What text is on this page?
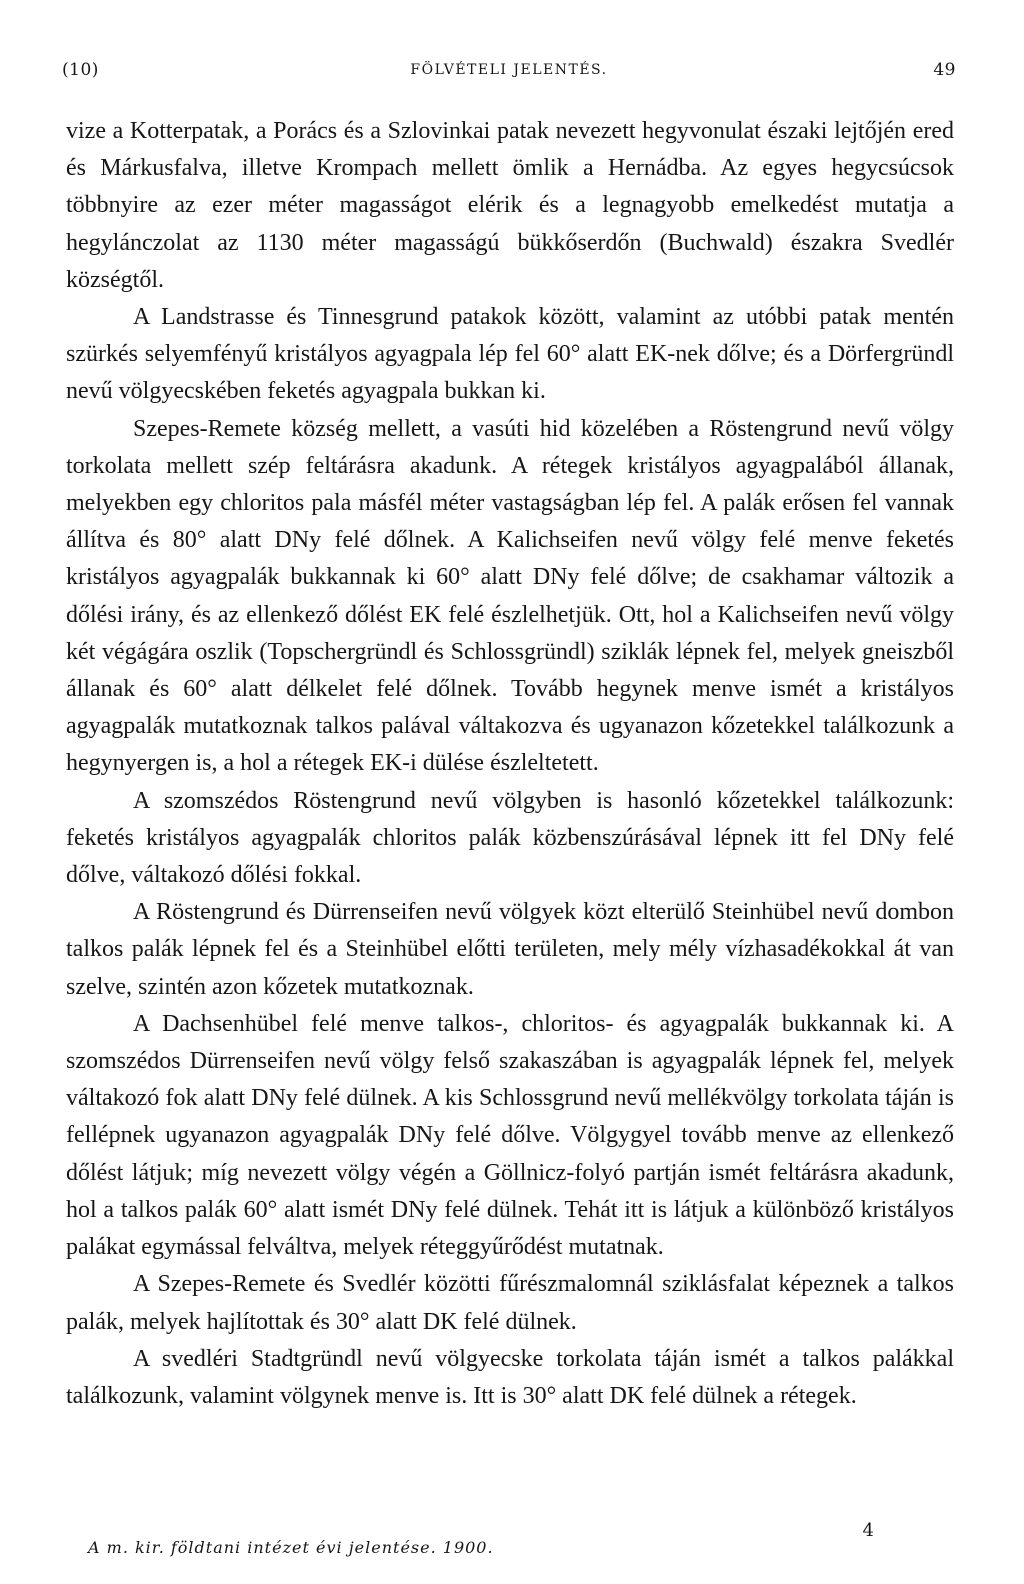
(10)	FÖLVÉTELI JELENTÉS.	49

vize a Kotterpatak, a Porács és a Szlovinkai patak nevezett hegyvonulat északi lejtőjén ered és Márkusfalva, illetve Krompach mellett ömlik a Hernádba. Az egyes hegycsúcsok többnyire az ezer méter magasságot elérik és a legnagyobb emelkedést mutatja a hegylánczolat az 1130 méter magasságú bükkőserdőn (Buchwald) északra Svedlér községtől.

A Landstrasse és Tinnesgrund patakok között, valamint az utóbbi patak mentén szürkés selyemfényű kristályos agyagpala lép fel 60° alatt EK-nek dőlve; és a Dörfergründl nevű völgyecskében feketés agyagpala bukkan ki.

Szepes-Remete község mellett, a vasúti hid közelében a Röstengrund nevű völgy torkolata mellett szép feltárásra akadunk. A rétegek kristályos agyagpalából állanak, melyekben egy chloritos pala másfél méter vastagságban lép fel. A palák erősen fel vannak állítva és 80° alatt DNy felé dőlnek. A Kalichseifen nevű völgy felé menve feketés kristályos agyagpalák bukkannak ki 60° alatt DNy felé dőlve; de csakhamar változik a dőlési irány, és az ellenkező dőlést EK felé észlelhetjük. Ott, hol a Kalichseifen nevű völgy két végágára oszlik (Topschergründl és Schlossgründl) sziklák lépnek fel, melyek gneiszből állanak és 60° alatt délkelet felé dőlnek. Tovább hegynek menve ismét a kristályos agyagpalák mutatkoznak talkos palával váltakozva és ugyanazon kőzetekkel találkozunk a hegynyergen is, a hol a rétegek EK-i dülése észleltetett.

A szomszédos Röstengrund nevű völgyben is hasonló kőzetekkel találkozunk: feketés kristályos agyagpalák chloritos palák közbenszúrásával lépnek itt fel DNy felé dőlve, váltakozó dőlési fokkal.

A Röstengrund és Dürrenseifen nevű völgyek közt elterülő Steinhübel nevű dombon talkos palák lépnek fel és a Steinhübel előtti területen, mely mély vízhasadékokkal át van szelve, szintén azon kőzetek mutatkoznak.

A Dachsenhübel felé menve talkos-, chloritos- és agyagpalák bukkannak ki. A szomszédos Dürrenseifen nevű völgy felső szakaszában is agyagpalák lépnek fel, melyek váltakozó fok alatt DNy felé dülnek. A kis Schlossgrund nevű mellékvölgy torkolata táján is fellépnek ugyanazon agyagpalák DNy felé dőlve. Völgygyel tovább menve az ellenkező dőlést látjuk; míg nevezett völgy végén a Göllnicz-folyó partján ismét feltárásra akadunk, hol a talkos palák 60° alatt ismét DNy felé dülnek. Tehát itt is látjuk a különböző kristályos palákat egymással felváltva, melyek réteggyűrődést mutatnak.

A Szepes-Remete és Svedlér közötti fűrészmalomnál sziklásfalat képeznek a talkos palák, melyek hajlítottak és 30° alatt DK felé dülnek.

A svedléri Stadtgründl nevű völgyecske torkolata táján ismét a talkos palákkal találkozunk, valamint völgynek menve is. Itt is 30° alatt DK felé dülnek a rétegek.

4
A m. kir. földtani intézet évi jelentése. 1900.
